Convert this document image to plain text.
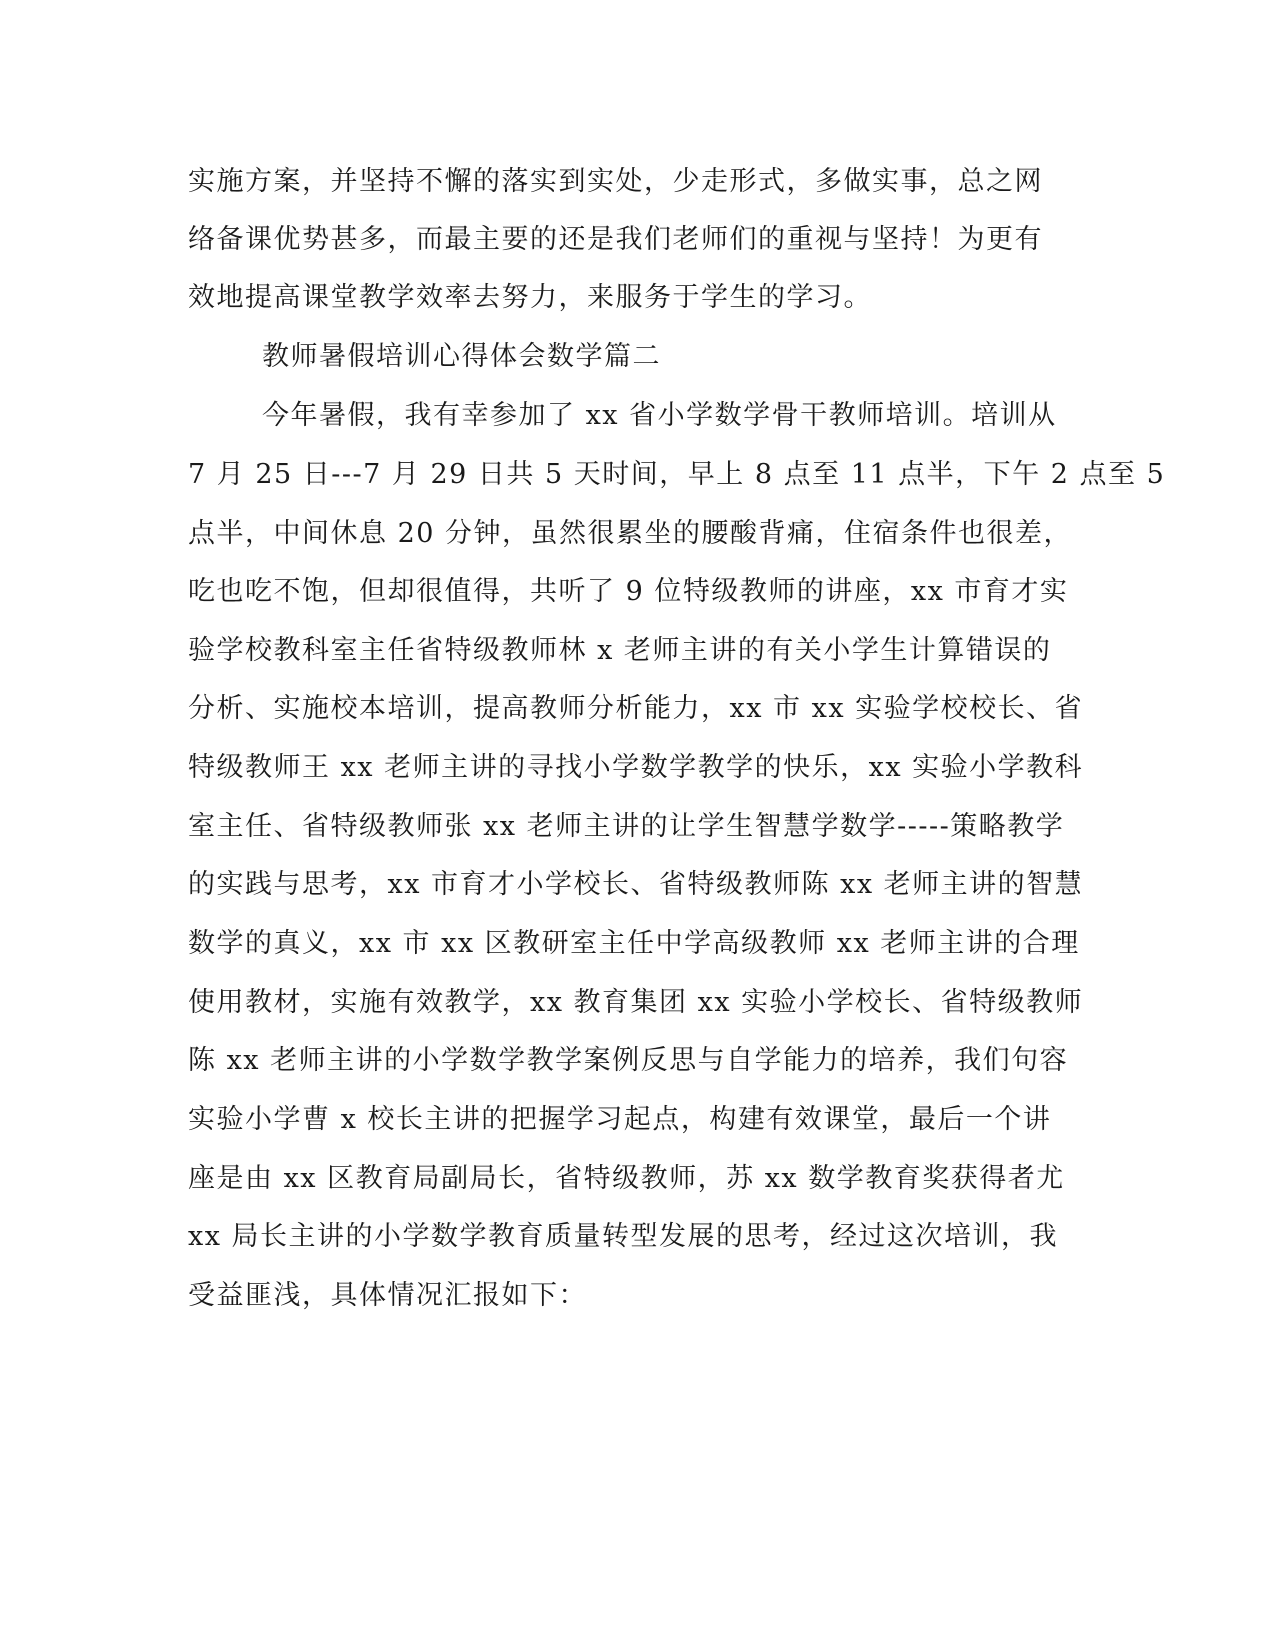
实施方案，并坚持不懈的落实到实处，少走形式，多做实事，总之网
络备课优势甚多，而最主要的还是我们老师们的重视与坚持！为更有
效地提高课堂教学效率去努力，来服务于学生的学习。
教师暑假培训心得体会数学篇二
今年暑假，我有幸参加了 xx 省小学数学骨干教师培训。培训从
7 月 25 日---7 月 29 日共 5 天时间，早上 8 点至 11 点半，下午 2 点至 5
点半，中间休息 20 分钟，虽然很累坐的腰酸背痛，住宿条件也很差，
吃也吃不饱，但却很值得，共听了 9 位特级教师的讲座，xx 市育才实
验学校教科室主任省特级教师林 x 老师主讲的有关小学生计算错误的
分析、实施校本培训，提高教师分析能力，xx 市 xx 实验学校校长、省
特级教师王 xx 老师主讲的寻找小学数学教学的快乐，xx 实验小学教科
室主任、省特级教师张 xx 老师主讲的让学生智慧学数学-----策略教学
的实践与思考，xx 市育才小学校长、省特级教师陈 xx 老师主讲的智慧
数学的真义，xx 市 xx 区教研室主任中学高级教师 xx 老师主讲的合理
使用教材，实施有效教学，xx 教育集团 xx 实验小学校长、省特级教师
陈 xx 老师主讲的小学数学教学案例反思与自学能力的培养，我们句容
实验小学曹 x 校长主讲的把握学习起点，构建有效课堂，最后一个讲
座是由 xx 区教育局副局长，省特级教师，苏 xx 数学教育奖获得者尤
xx 局长主讲的小学数学教育质量转型发展的思考，经过这次培训，我
受益匪浅，具体情况汇报如下：
